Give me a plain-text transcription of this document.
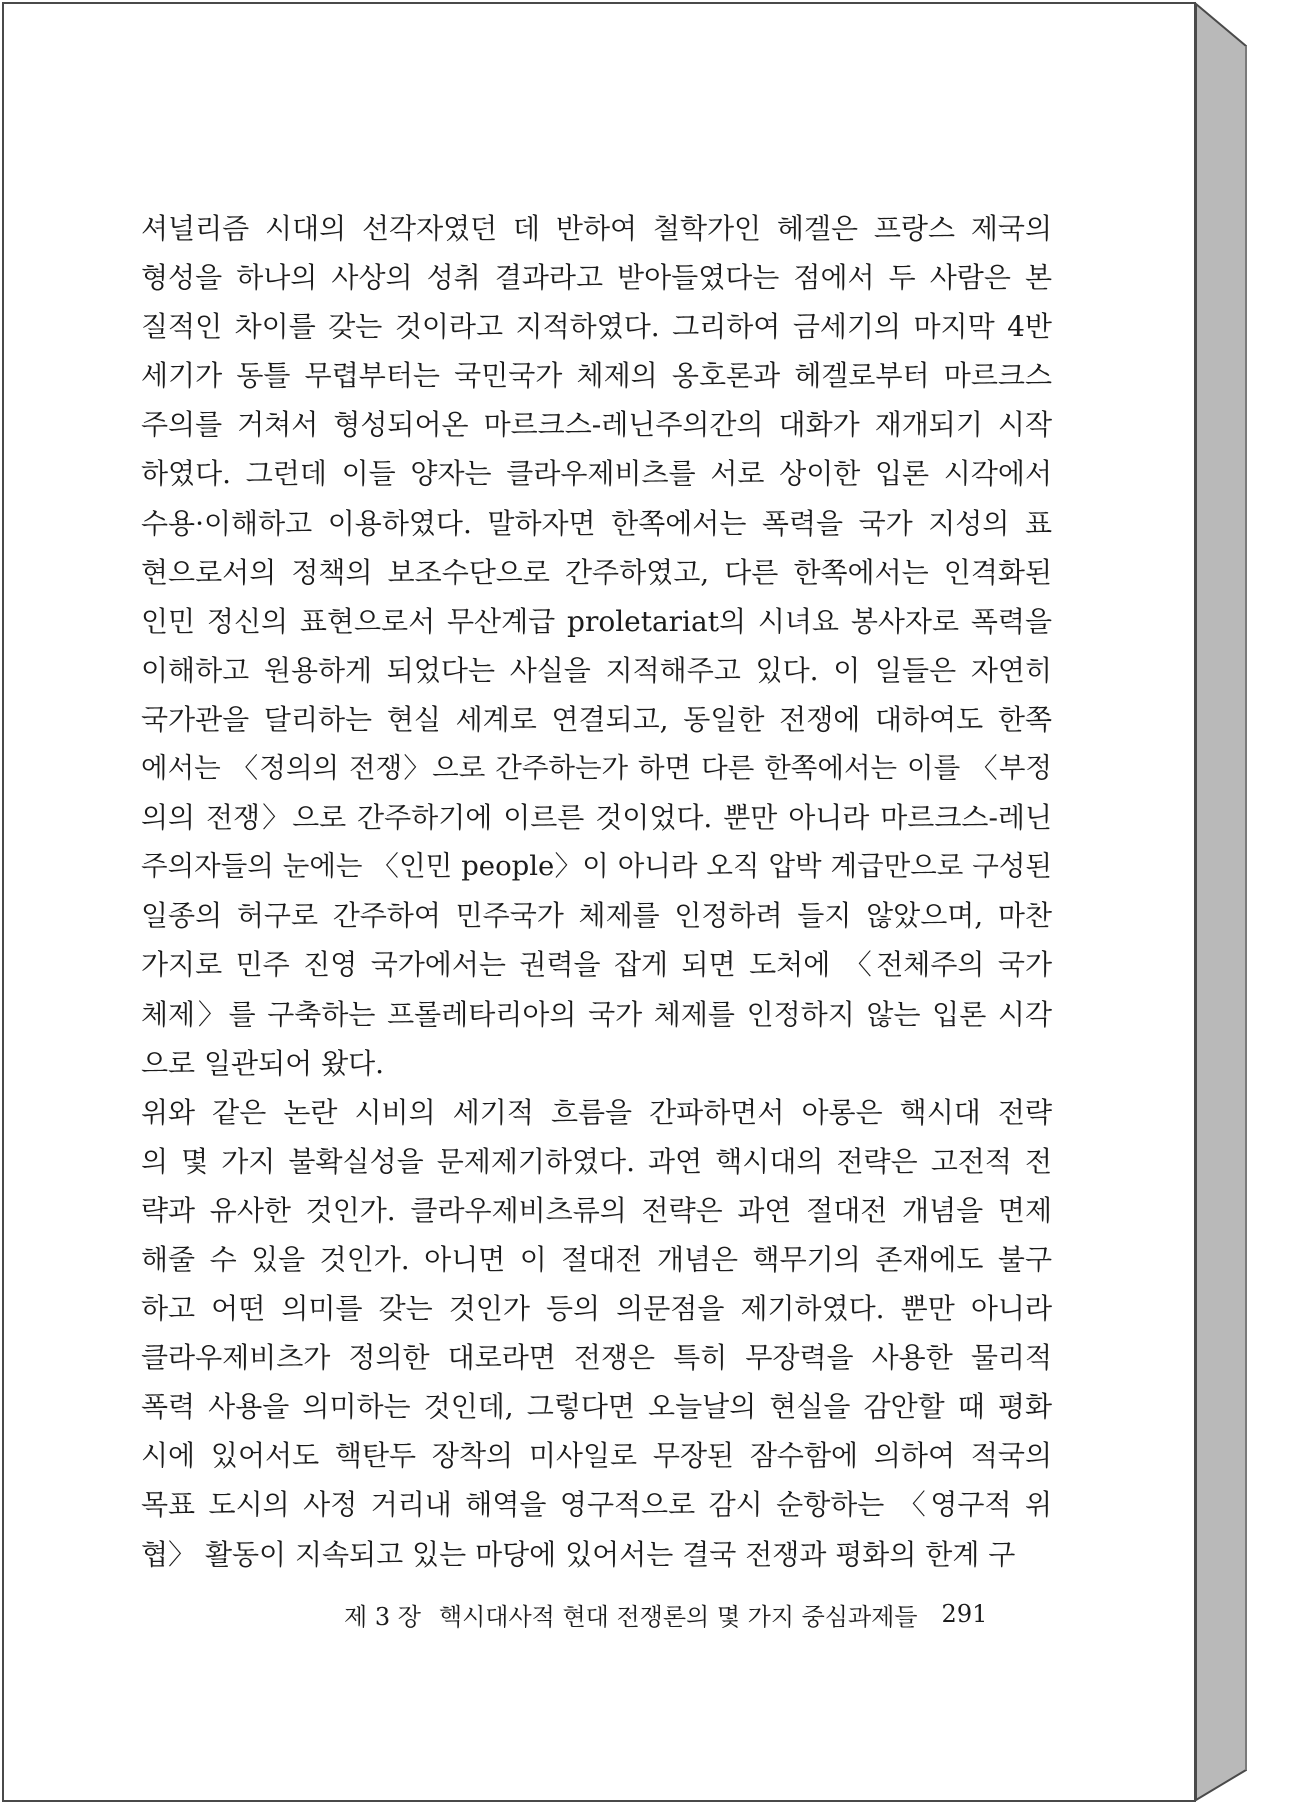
셔널리즘 시대의 선각자였던 데 반하여 철학가인 헤겔은 프랑스 제국의
형성을 하나의 사상의 성취 결과라고 받아들였다는 점에서 두 사람은 본
질적인 차이를 갖는 것이라고 지적하였다. 그리하여 금세기의 마지막 4반
세기가 동틀 무렵부터는 국민국가 체제의 옹호론과 헤겔로부터 마르크스
주의를 거쳐서 형성되어온 마르크스-레닌주의간의 대화가 재개되기 시작
하였다. 그런데 이들 양자는 클라우제비츠를 서로 상이한 입론 시각에서
수용·이해하고 이용하였다. 말하자면 한쪽에서는 폭력을 국가 지성의 표
현으로서의 정책의 보조수단으로 간주하였고, 다른 한쪽에서는 인격화된
인민 정신의 표현으로서 무산계급 proletariat의 시녀요 봉사자로 폭력을
이해하고 원용하게 되었다는 사실을 지적해주고 있다. 이 일들은 자연히
국가관을 달리하는 현실 세계로 연결되고, 동일한 전쟁에 대하여도 한쪽
에서는 〈정의의 전쟁〉으로 간주하는가 하면 다른 한쪽에서는 이를 〈부정
의의 전쟁〉으로 간주하기에 이르른 것이었다. 뿐만 아니라 마르크스-레닌
주의자들의 눈에는 〈인민 people〉이 아니라 오직 압박 계급만으로 구성된
일종의 허구로 간주하여 민주국가 체제를 인정하려 들지 않았으며, 마찬
가지로 민주 진영 국가에서는 권력을 잡게 되면 도처에 〈전체주의 국가
체제〉를 구축하는 프롤레타리아의 국가 체제를 인정하지 않는 입론 시각
으로 일관되어 왔다.
위와 같은 논란 시비의 세기적 흐름을 간파하면서 아롱은 핵시대 전략
의 몇 가지 불확실성을 문제제기하였다. 과연 핵시대의 전략은 고전적 전
략과 유사한 것인가. 클라우제비츠류의 전략은 과연 절대전 개념을 면제
해줄 수 있을 것인가. 아니면 이 절대전 개념은 핵무기의 존재에도 불구
하고 어떤 의미를 갖는 것인가 등의 의문점을 제기하였다. 뿐만 아니라
클라우제비츠가 정의한 대로라면 전쟁은 특히 무장력을 사용한 물리적
폭력 사용을 의미하는 것인데, 그렇다면 오늘날의 현실을 감안할 때 평화
시에 있어서도 핵탄두 장착의 미사일로 무장된 잠수함에 의하여 적국의
목표 도시의 사정 거리내 해역을 영구적으로 감시 순항하는 〈영구적 위
협〉 활동이 지속되고 있는 마당에 있어서는 결국 전쟁과 평화의 한계 구
제 3 장 핵시대사적 현대 전쟁론의 몇 가지 중심과제들 291
